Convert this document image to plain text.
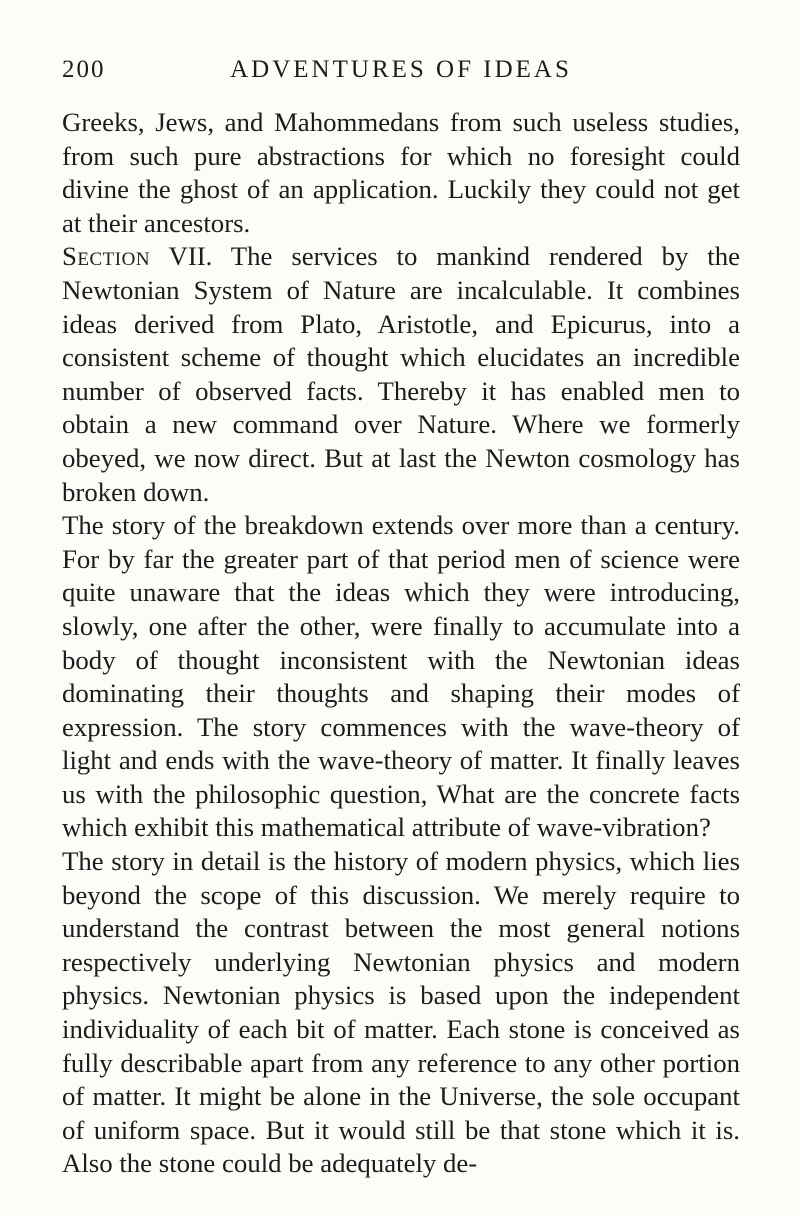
200	ADVENTURES OF IDEAS

Greeks, Jews, and Mahommedans from such useless studies, from such pure abstractions for which no foresight could divine the ghost of an application. Luckily they could not get at their ancestors.

Section VII. The services to mankind rendered by the Newtonian System of Nature are incalculable. It combines ideas derived from Plato, Aristotle, and Epicurus, into a consistent scheme of thought which elucidates an incredible number of observed facts. Thereby it has enabled men to obtain a new command over Nature. Where we formerly obeyed, we now direct. But at last the Newton cosmology has broken down.

The story of the breakdown extends over more than a century. For by far the greater part of that period men of science were quite unaware that the ideas which they were introducing, slowly, one after the other, were finally to accumulate into a body of thought inconsistent with the Newtonian ideas dominating their thoughts and shaping their modes of expression. The story commences with the wave-theory of light and ends with the wave-theory of matter. It finally leaves us with the philosophic question, What are the concrete facts which exhibit this mathematical attribute of wave-vibration?

The story in detail is the history of modern physics, which lies beyond the scope of this discussion. We merely require to understand the contrast between the most general notions respectively underlying Newtonian physics and modern physics. Newtonian physics is based upon the independent individuality of each bit of matter. Each stone is conceived as fully describable apart from any reference to any other portion of matter. It might be alone in the Universe, the sole occupant of uniform space. But it would still be that stone which it is. Also the stone could be adequately de-
